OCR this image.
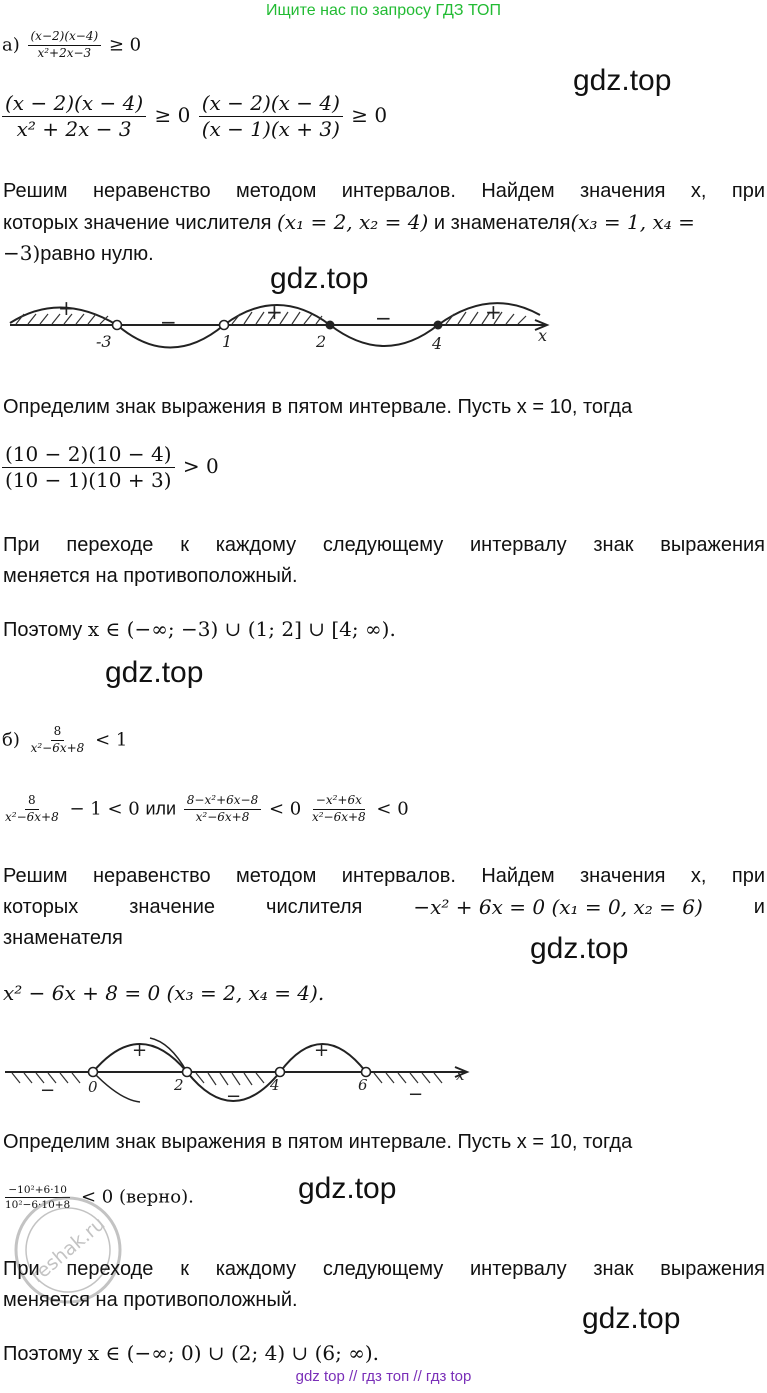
Ищите нас по запросу ГДЗ ТОП
$а) \frac{(x-2)(x-4)}{\text{x²+2x−3}} \ge 0$
gdz.top
$\frac{(x - 2)(x - 4)}{\text{x² + 2x − 3}} \ge 0 \frac{(x - 2)(x - 4)}{(x - 1)(x + 3)} \ge 0$
Решим неравенство методом интервалов. Найдем значения x, при
которых значение числителя (x₁ = 2, x₂ = 4) и знаменателя(x₃ = 1, x₄ =
−3)равно нулю.
gdz.top
-3	1	2	4	x
+
−	+	−	+
Определим знак выражения в пятом интервале. Пусть x = 10, тогда
$\frac{(10 - 2)(10 - 4)}{(10 - 1)(10 + 3)} > 0$
При переходе к каждому следующему интервалу знак выражения
меняется на противоположный.
Поэтому x ∈ (−∞; −3) ∪ (1; 2] ∪ [4; ∞).
gdz.top
$б) \frac{8}{\text{x²−6x+8}} < 1$
$\frac{8}{\text{x²−6x+8}} - 1 < 0$ или $\frac{\text{8−x²+6x−8}}{\text{x²−6x+8}} < 0 \frac{\text{−x²+6x}}{\text{x²−6x+8}} < 0$
Решим неравенство методом интервалов. Найдем значения x, при
которых	значение	числителя	−x² + 6x = 0 (x₁ = 0, x₂ = 6)	и
знаменателя	gdz.top
x² − 6x + 8 = 0 (x₃ = 2, x₄ = 4).
0	2	4	6
x
−
+
−
+
−
Определим знак выражения в пятом интервале. Пусть x = 10, тогда
$\frac{\text{−10²+6·10}}{\text{10²−6·10+8}} < 0$ (верно).	gdz.top
reshak.ru
При переходе к каждому следующему интервалу знак выражения
меняется на противоположный.
gdz.top
Поэтому x ∈ (−∞; 0) ∪ (2; 4) ∪ (6; ∞).
gdz top // гдз топ // гдз top
